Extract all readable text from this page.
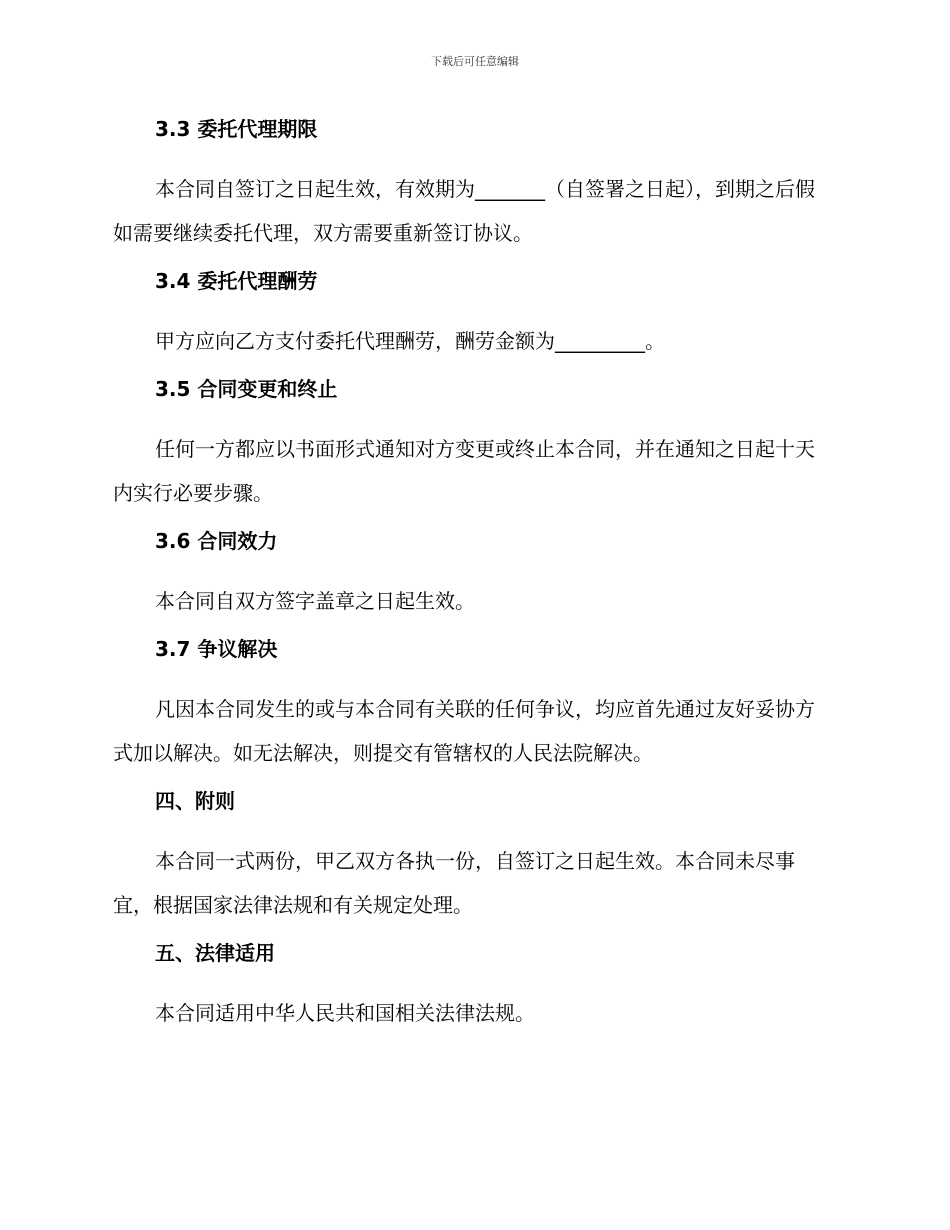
下载后可任意编辑
3.3 委托代理期限

本合同自签订之日起生效，有效期为_______（自签署之日起），到期之后假如需要继续委托代理，双方需要重新签订协议。

3.4 委托代理酬劳

甲方应向乙方支付委托代理酬劳，酬劳金额为_________。

3.5 合同变更和终止

任何一方都应以书面形式通知对方变更或终止本合同，并在通知之日起十天内实行必要步骤。

3.6 合同效力

本合同自双方签字盖章之日起生效。

3.7 争议解决

凡因本合同发生的或与本合同有关联的任何争议，均应首先通过友好妥协方式加以解决。如无法解决，则提交有管辖权的人民法院解决。

四、附则

本合同一式两份，甲乙双方各执一份，自签订之日起生效。本合同未尽事宜，根据国家法律法规和有关规定处理。

五、法律适用

本合同适用中华人民共和国相关法律法规。
